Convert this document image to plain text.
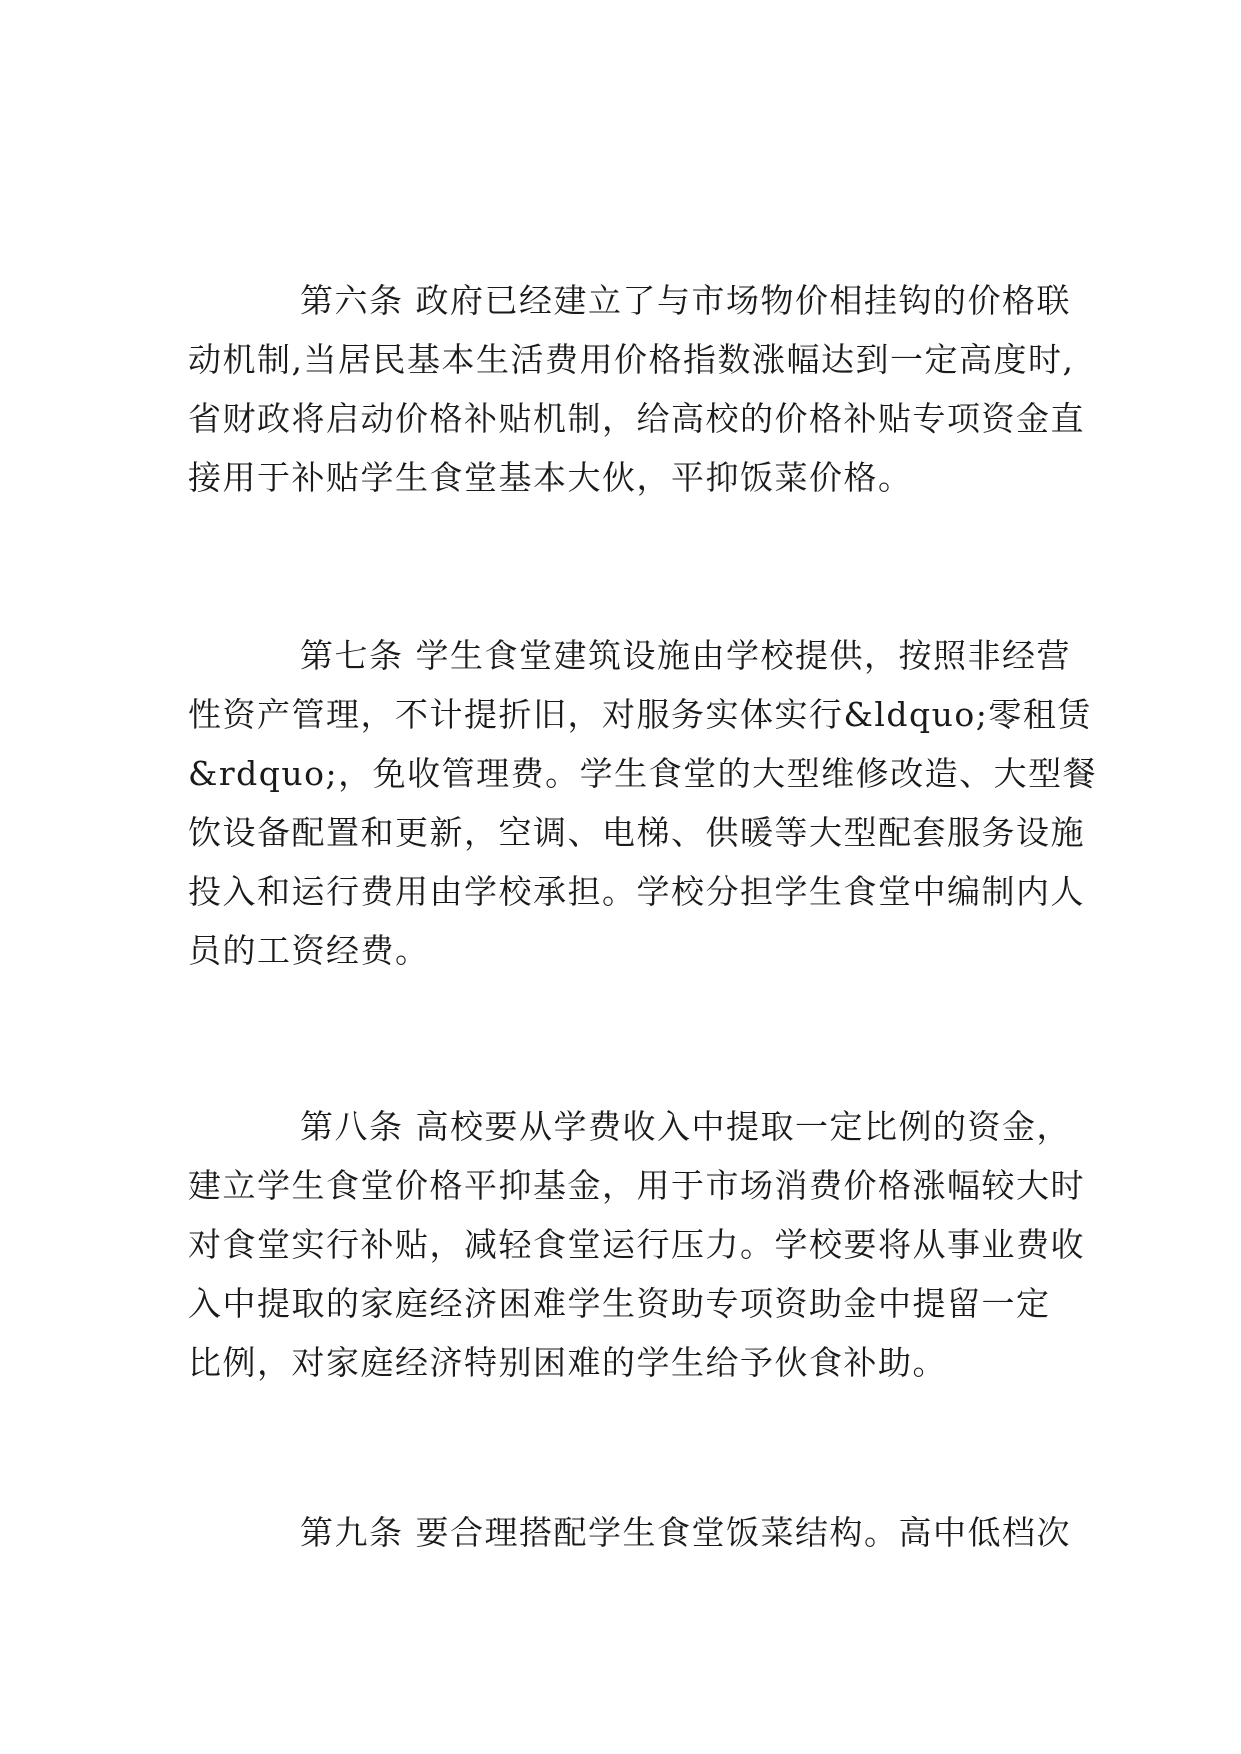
第六条 政府已经建立了与市场物价相挂钩的价格联
动机制,当居民基本生活费用价格指数涨幅达到一定高度时,
省财政将启动价格补贴机制，给高校的价格补贴专项资金直
接用于补贴学生食堂基本大伙，平抑饭菜价格。

第七条 学生食堂建筑设施由学校提供，按照非经营
性资产管理，不计提折旧，对服务实体实行&ldquo;零租赁
&rdquo;，免收管理费。学生食堂的大型维修改造、大型餐
饮设备配置和更新，空调、电梯、供暖等大型配套服务设施
投入和运行费用由学校承担。学校分担学生食堂中编制内人
员的工资经费。

第八条 高校要从学费收入中提取一定比例的资金，
建立学生食堂价格平抑基金，用于市场消费价格涨幅较大时
对食堂实行补贴，减轻食堂运行压力。学校要将从事业费收
入中提取的家庭经济困难学生资助专项资助金中提留一定
比例，对家庭经济特别困难的学生给予伙食补助。

第九条 要合理搭配学生食堂饭菜结构。高中低档次
